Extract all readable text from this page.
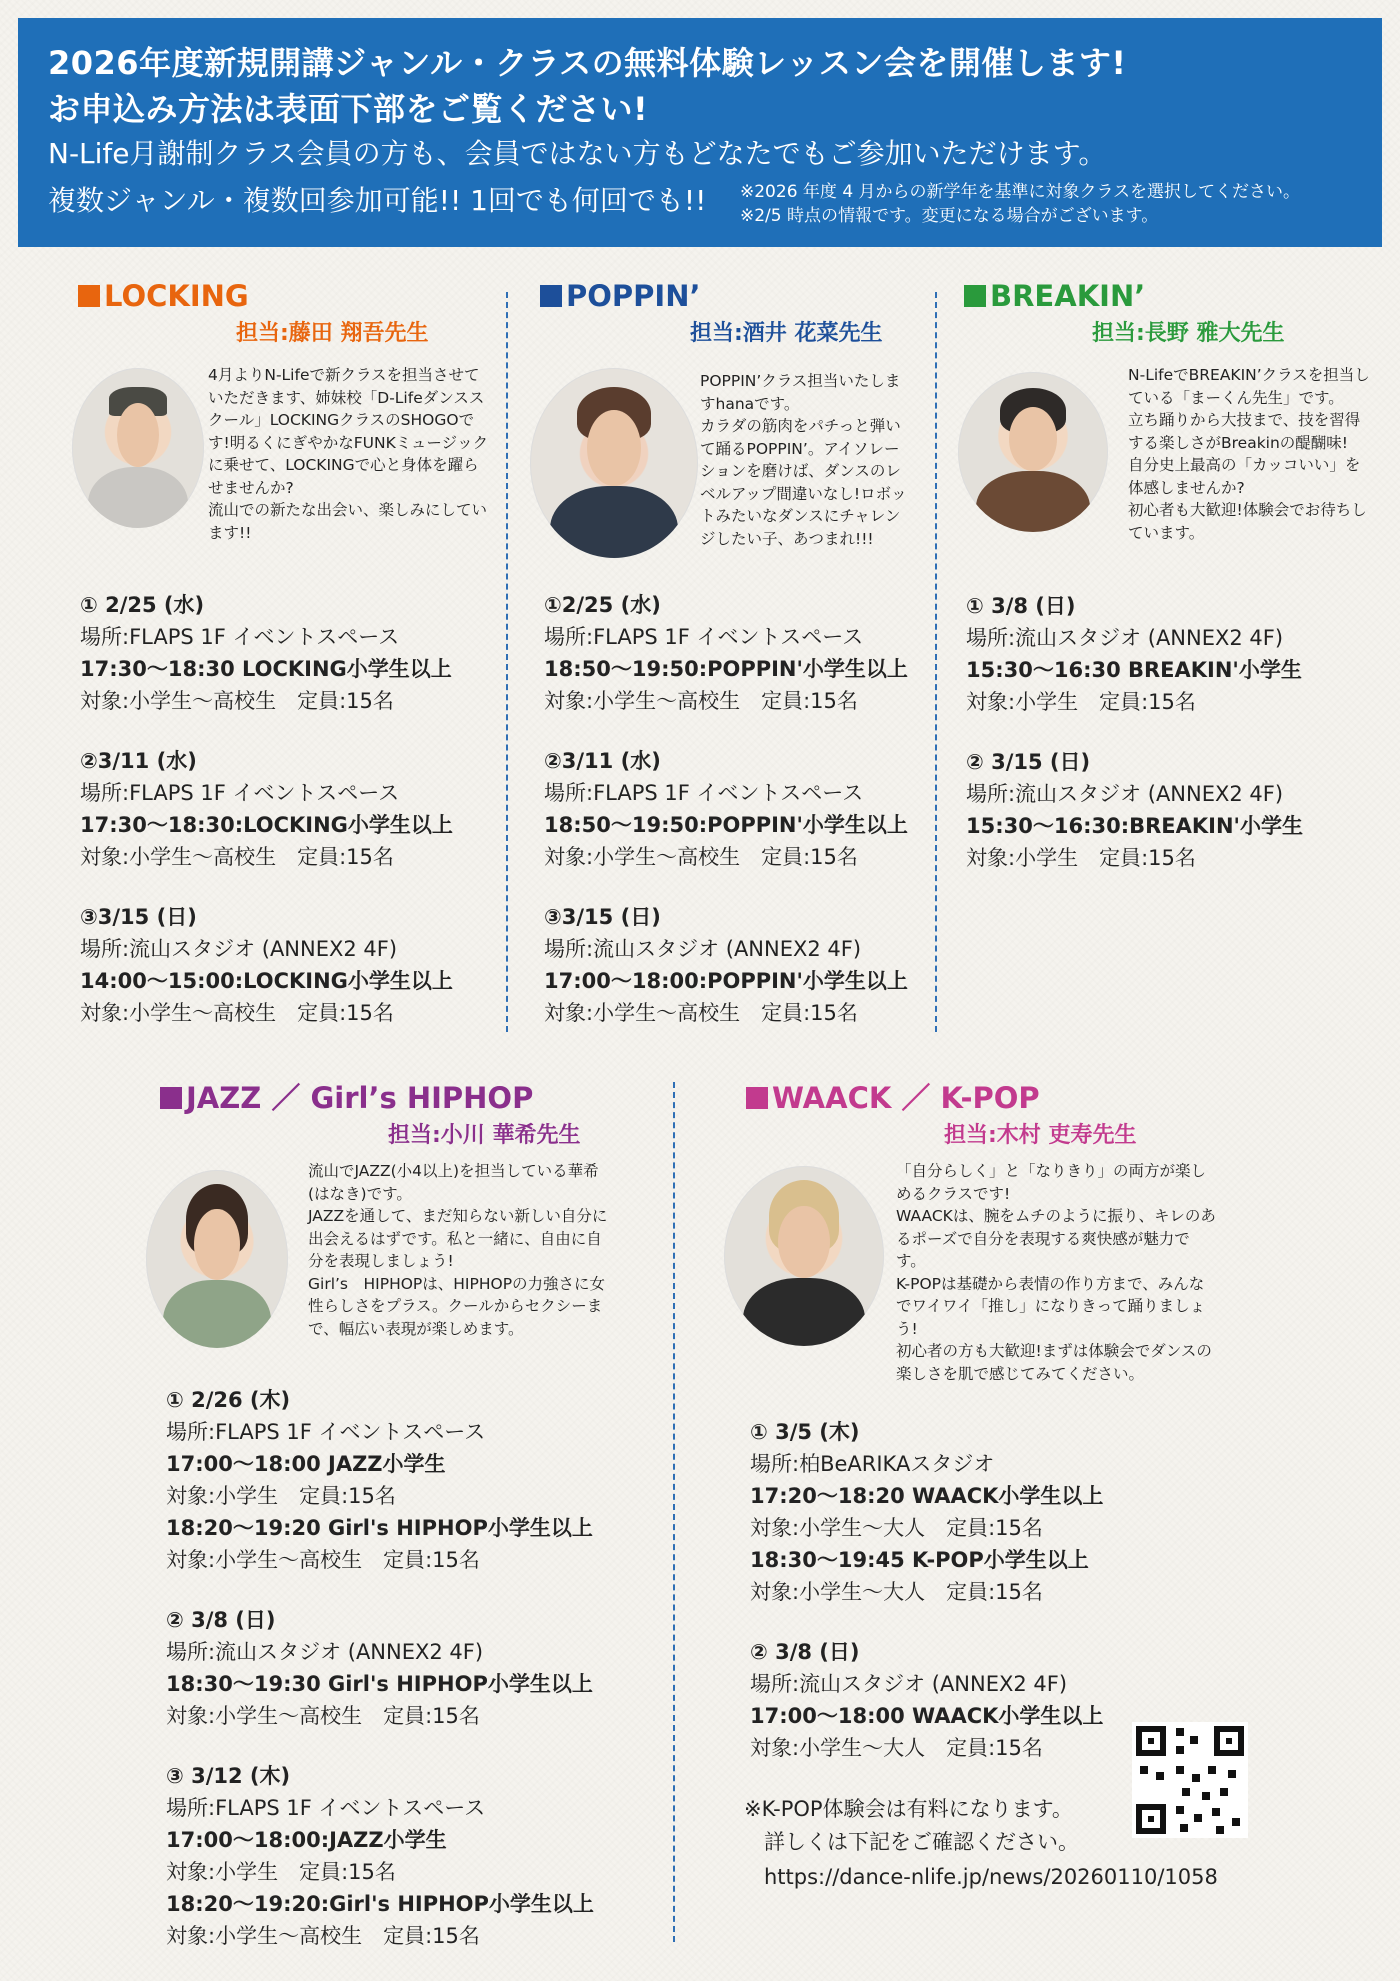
2026年度新規開講ジャンル・クラスの無料体験レッスン会を開催します!
お申込み方法は表面下部をご覧ください!
N-Life月謝制クラス会員の方も、会員ではない方もどなたでもご参加いただけます。
複数ジャンル・複数回参加可能!! 1回でも何回でも!!	※2026 年度 4 月からの新学年を基準に対象クラスを選択してください。
※2/5 時点の情報です。変更になる場合がございます。
LOCKING
担当:藤田 翔吾先生
4月よりN-Lifeで新クラスを担当させていただきます、姉妹校「D-Lifeダンススクール」LOCKINGクラスのSHOGOです!明るくにぎやかなFUNKミュージックに乗せて、LOCKINGで心と身体を躍らせませんか?
流山での新たな出会い、楽しみにしています!!
① 2/25 (水)
場所:FLAPS 1F イベントスペース
17:30〜18:30 LOCKING小学生以上
対象:小学生〜高校生　定員:15名
②3/11 (水)
場所:FLAPS 1F イベントスペース
17:30〜18:30:LOCKING小学生以上
対象:小学生〜高校生　定員:15名
③3/15 (日)
場所:流山スタジオ (ANNEX2 4F)
14:00〜15:00:LOCKING小学生以上
対象:小学生〜高校生　定員:15名
POPPIN’
担当:酒井 花菜先生
POPPIN’クラス担当いたしますhanaです。
カラダの筋肉をパチっと弾いて踊るPOPPIN’。アイソレーションを磨けば、ダンスのレベルアップ間違いなし!ロボットみたいなダンスにチャレンジしたい子、あつまれ!!!
①2/25 (水)
場所:FLAPS 1F イベントスペース
18:50〜19:50:POPPIN'小学生以上
対象:小学生〜高校生　定員:15名
②3/11 (水)
場所:FLAPS 1F イベントスペース
18:50〜19:50:POPPIN'小学生以上
対象:小学生〜高校生　定員:15名
③3/15 (日)
場所:流山スタジオ (ANNEX2 4F)
17:00〜18:00:POPPIN'小学生以上
対象:小学生〜高校生　定員:15名
BREAKIN’
担当:長野 雅大先生
N-LifeでBREAKIN’クラスを担当している「まーくん先生」です。
立ち踊りから大技まで、技を習得する楽しさがBreakinの醍醐味!
自分史上最高の「カッコいい」を体感しませんか?
初心者も大歓迎!体験会でお待ちしています。
① 3/8 (日)
場所:流山スタジオ (ANNEX2 4F)
15:30〜16:30 BREAKIN'小学生
対象:小学生　定員:15名
② 3/15 (日)
場所:流山スタジオ (ANNEX2 4F)
15:30〜16:30:BREAKIN'小学生
対象:小学生　定員:15名
JAZZ ／ Girl’s HIPHOP
担当:小川 華希先生
流山でJAZZ(小4以上)を担当している華希(はなき)です。
JAZZを通して、まだ知らない新しい自分に出会えるはずです。私と一緒に、自由に自分を表現しましょう!
Girl’s　HIPHOPは、HIPHOPの力強さに女性らしさをプラス。クールからセクシーまで、幅広い表現が楽しめます。
① 2/26 (木)
場所:FLAPS 1F イベントスペース
17:00〜18:00 JAZZ小学生
対象:小学生　定員:15名
18:20〜19:20 Girl's HIPHOP小学生以上
対象:小学生〜高校生　定員:15名
② 3/8 (日)
場所:流山スタジオ (ANNEX2 4F)
18:30〜19:30 Girl's HIPHOP小学生以上
対象:小学生〜高校生　定員:15名
③ 3/12 (木)
場所:FLAPS 1F イベントスペース
17:00〜18:00:JAZZ小学生
対象:小学生　定員:15名
18:20〜19:20:Girl's HIPHOP小学生以上
対象:小学生〜高校生　定員:15名
WAACK ／ K-POP
担当:木村 吏寿先生
「自分らしく」と「なりきり」の両方が楽しめるクラスです!
WAACKは、腕をムチのように振り、キレのあるポーズで自分を表現する爽快感が魅力です。
K-POPは基礎から表情の作り方まで、みんなでワイワイ「推し」になりきって踊りましょう!
初心者の方も大歓迎!まずは体験会でダンスの楽しさを肌で感じてみてください。
① 3/5 (木)
場所:柏BeARIKAスタジオ
17:20〜18:20 WAACK小学生以上
対象:小学生〜大人　定員:15名
18:30〜19:45 K-POP小学生以上
対象:小学生〜大人　定員:15名
② 3/8 (日)
場所:流山スタジオ (ANNEX2 4F)
17:00〜18:00 WAACK小学生以上
対象:小学生〜大人　定員:15名
※K-POP体験会は有料になります。
詳しくは下記をご確認ください。
https://dance-nlife.jp/news/20260110/1058
